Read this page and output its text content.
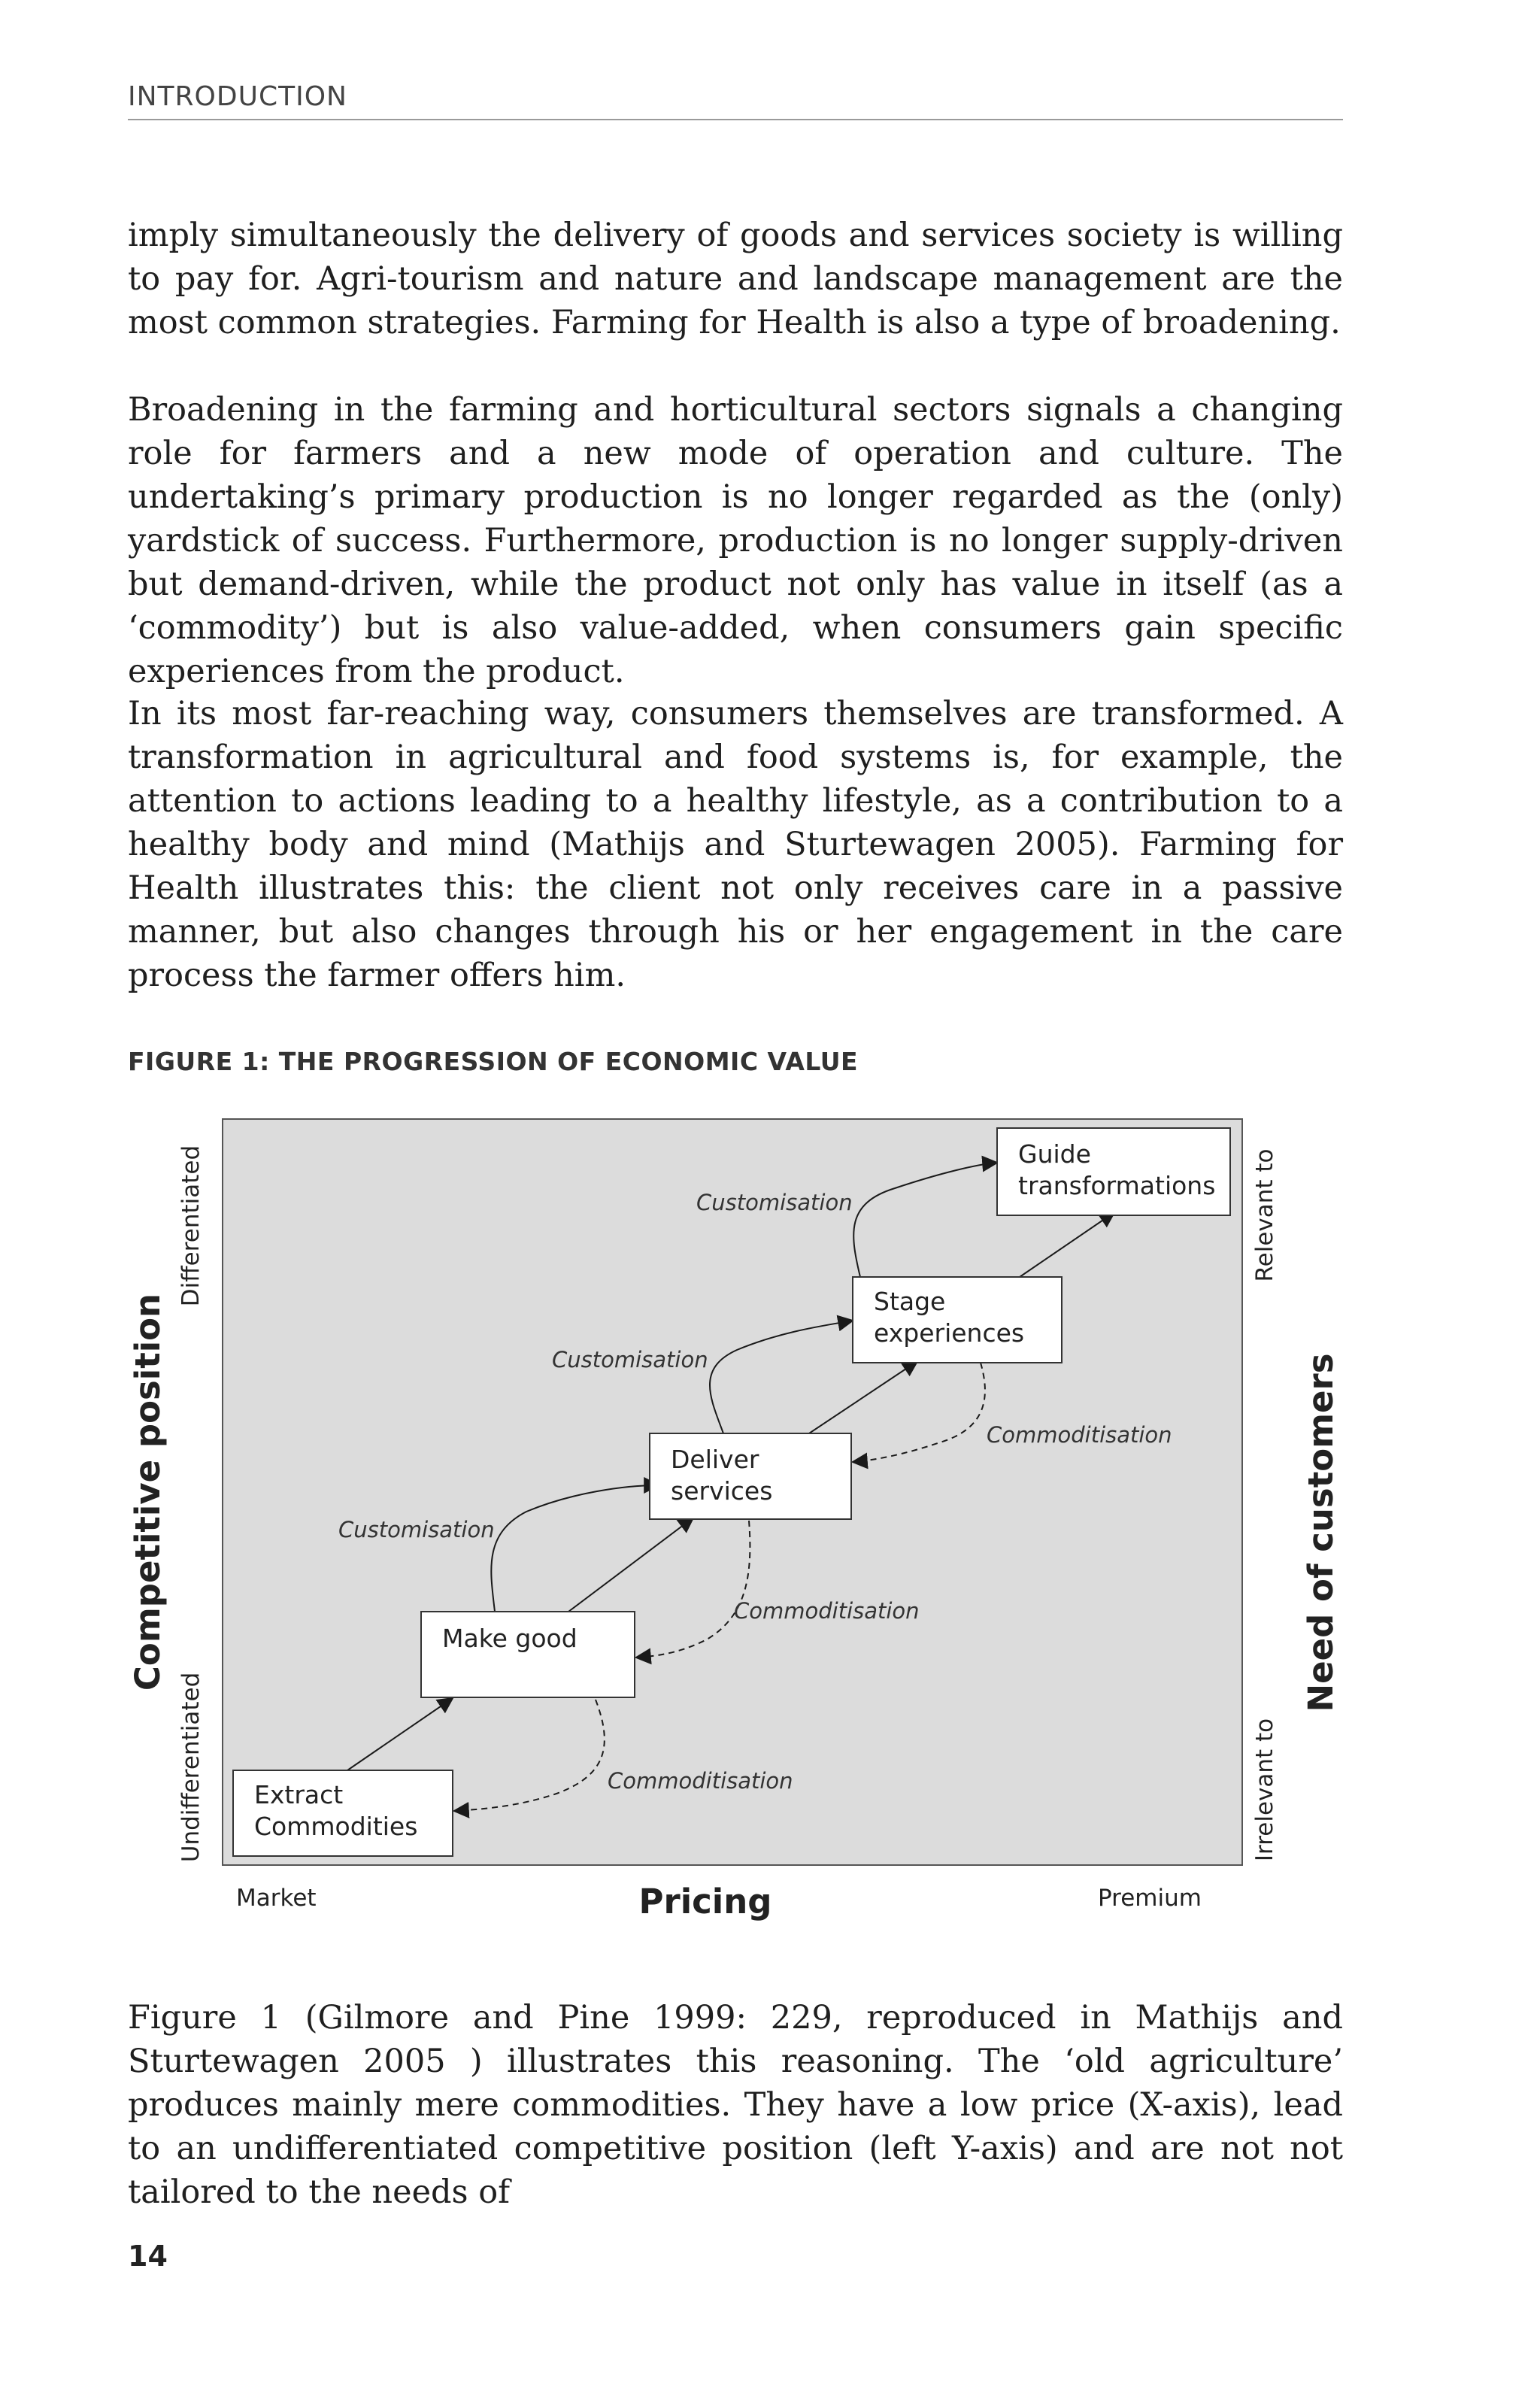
INTRODUCTION

imply simultaneously the delivery of goods and services society is willing to pay for. Agri-tourism and nature and landscape management are the most common strategies. Farming for Health is also a type of broadening.

Broadening in the farming and horticultural sectors signals a changing role for farmers and a new mode of operation and culture. The undertaking’s primary production is no longer regarded as the (only) yardstick of success. Furthermore, production is no longer supply-driven but demand-driven, while the product not only has value in itself (as a ‘commodity’) but is also value-added, when consumers gain specific experiences from the product.

In its most far-reaching way, consumers themselves are transformed. A transformation in agricultural and food systems is, for example, the attention to actions leading to a healthy lifestyle, as a contribution to a healthy body and mind (Mathijs and Sturtewagen 2005). Farming for Health illustrates this: the client not only receives care in a passive manner, but also changes through his or her engagement in the care process the farmer offers him.

FIGURE 1: THE PROGRESSION OF ECONOMIC VALUE
Extract
Commodities
Make good
Deliver
services
Stage
experiences
Guide
transformations
Customisation
Customisation
Customisation
Commoditisation
Commoditisation
Commoditisation
Competitive position
Differentiated
Undifferentiated
Need of customers
Relevant to
Irrelevant to
Market	Pricing	Premium

Figure 1 (Gilmore and Pine 1999: 229, reproduced in Mathijs and Sturtewagen 2005 ) illustrates this reasoning. The ‘old agriculture’ produces mainly mere commodities. They have a low price (X-axis), lead to an undifferentiated competitive position (left Y-axis) and are not not tailored to the needs of

14
